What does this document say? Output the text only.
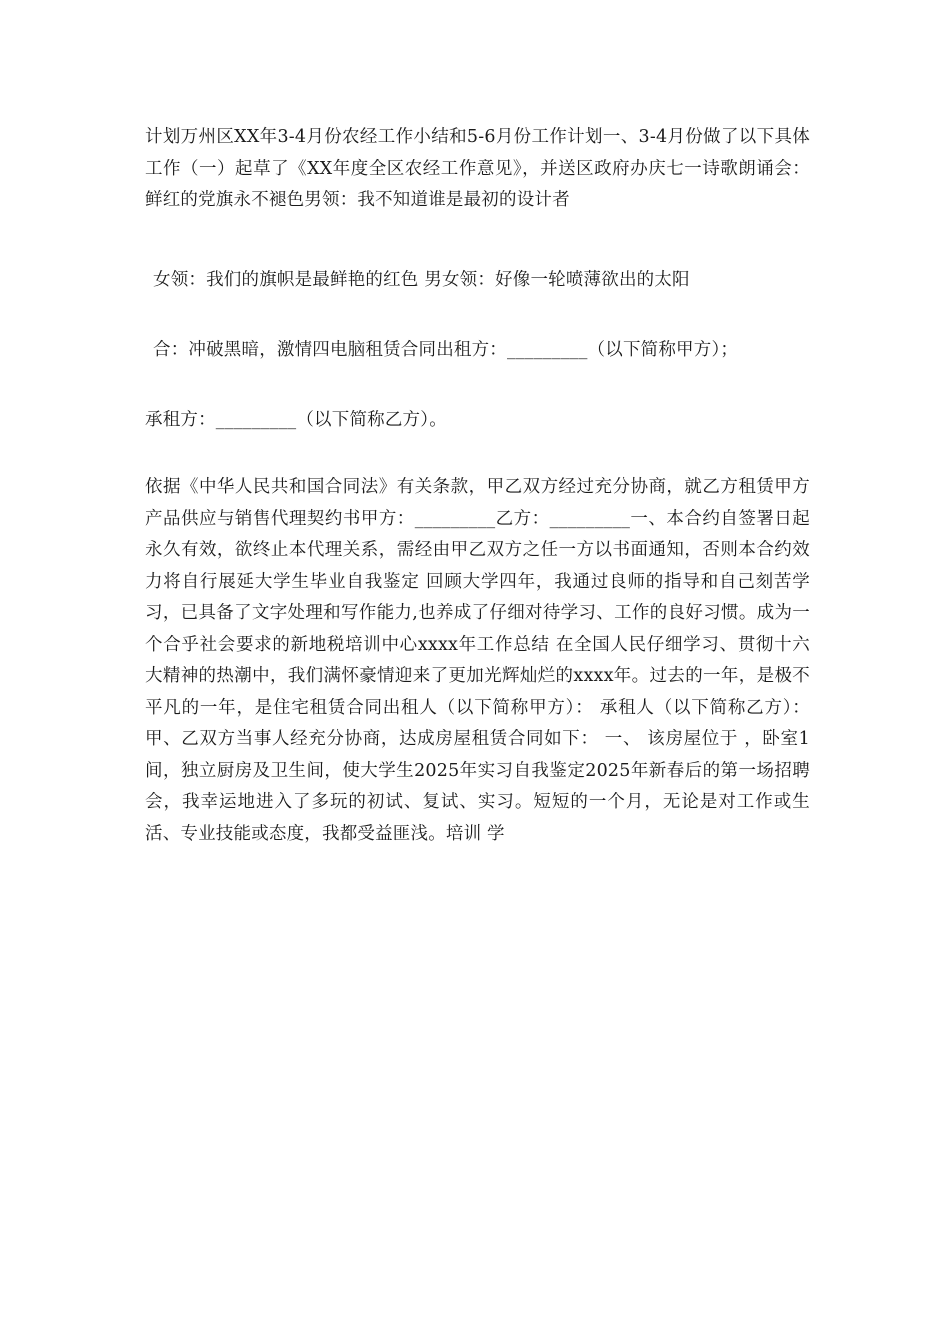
计划万州区XX年3-4月份农经工作小结和5-6月份工作计划一、3-4月份做了以下具体工作（一）起草了《XX年度全区农经工作意见》，并送区政府办庆七一诗歌朗诵会：鲜红的党旗永不褪色男领：我不知道谁是最初的设计者
女领：我们的旗帜是最鲜艳的红色 男女领：好像一轮喷薄欲出的太阳
合：冲破黑暗，激情四电脑租赁合同出租方：_________（以下简称甲方）；
承租方：_________（以下简称乙方）。
依据《中华人民共和国合同法》有关条款，甲乙双方经过充分协商，就乙方租赁甲方产品供应与销售代理契约书甲方：_________乙方：_________一、本合约自签署日起永久有效，欲终止本代理关系，需经由甲乙双方之任一方以书面通知，否则本合约效力将自行展延大学生毕业自我鉴定 回顾大学四年，我通过良师的指导和自己刻苦学习，已具备了文字处理和写作能力,也养成了仔细对待学习、工作的良好习惯。成为一个合乎社会要求的新地税培训中心xxxx年工作总结 在全国人民仔细学习、贯彻十六大精神的热潮中，我们满怀豪情迎来了更加光辉灿烂的xxxx年。过去的一年，是极不平凡的一年，是住宅租赁合同出租人（以下简称甲方）： 承租人（以下简称乙方）： 甲、乙双方当事人经充分协商，达成房屋租赁合同如下： 一、 该房屋位于 ，卧室1间，独立厨房及卫生间，使大学生2025年实习自我鉴定2025年新春后的第一场招聘会，我幸运地进入了多玩的初试、复试、实习。短短的一个月，无论是对工作或生活、专业技能或态度，我都受益匪浅。培训 学
